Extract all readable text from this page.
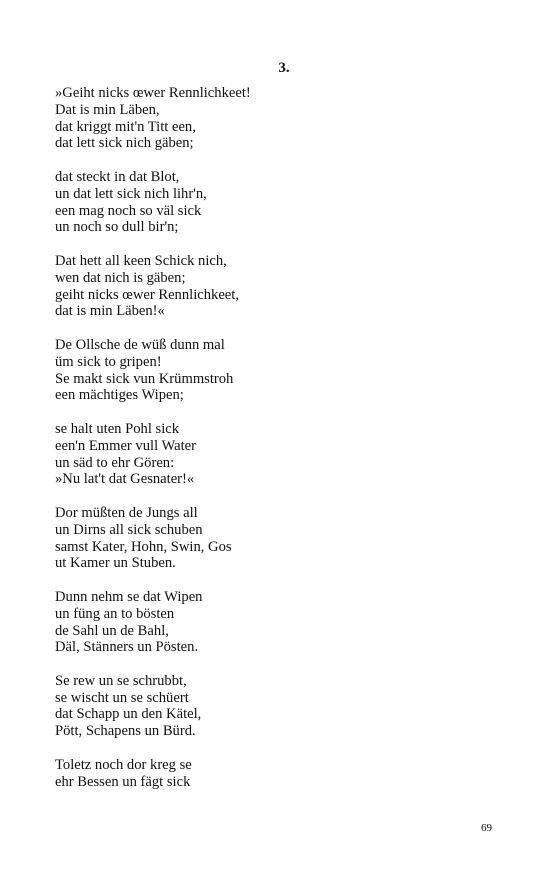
3.
»Geiht nicks œwer Rennlichkeet!
Dat is min Läben,
dat kriggt mit'n Titt een,
dat lett sick nich gäben;
dat steckt in dat Blot,
un dat lett sick nich lihr'n,
een mag noch so väl sick
un noch so dull bir'n;
Dat hett all keen Schick nich,
wen dat nich is gäben;
geiht nicks œwer Rennlichkeet,
dat is min Läben!«
De Ollsche de wüß dunn mal
üm sick to gripen!
Se makt sick vun Krümmstroh
een mächtiges Wipen;
se halt uten Pohl sick
een'n Emmer vull Water
un säd to ehr Gören:
»Nu lat't dat Gesnater!«
Dor müßten de Jungs all
un Dirns all sick schuben
samst Kater, Hohn, Swin, Gos
ut Kamer un Stuben.
Dunn nehm se dat Wipen
un füng an to bösten
de Sahl un de Bahl,
Däl, Stänners un Pösten.
Se rew un se schrubbt,
se wischt un se schüert
dat Schapp un den Kätel,
Pött, Schapens un Bürd.
Toletz noch dor kreg se
ehr Bessen un fägt sick
69
